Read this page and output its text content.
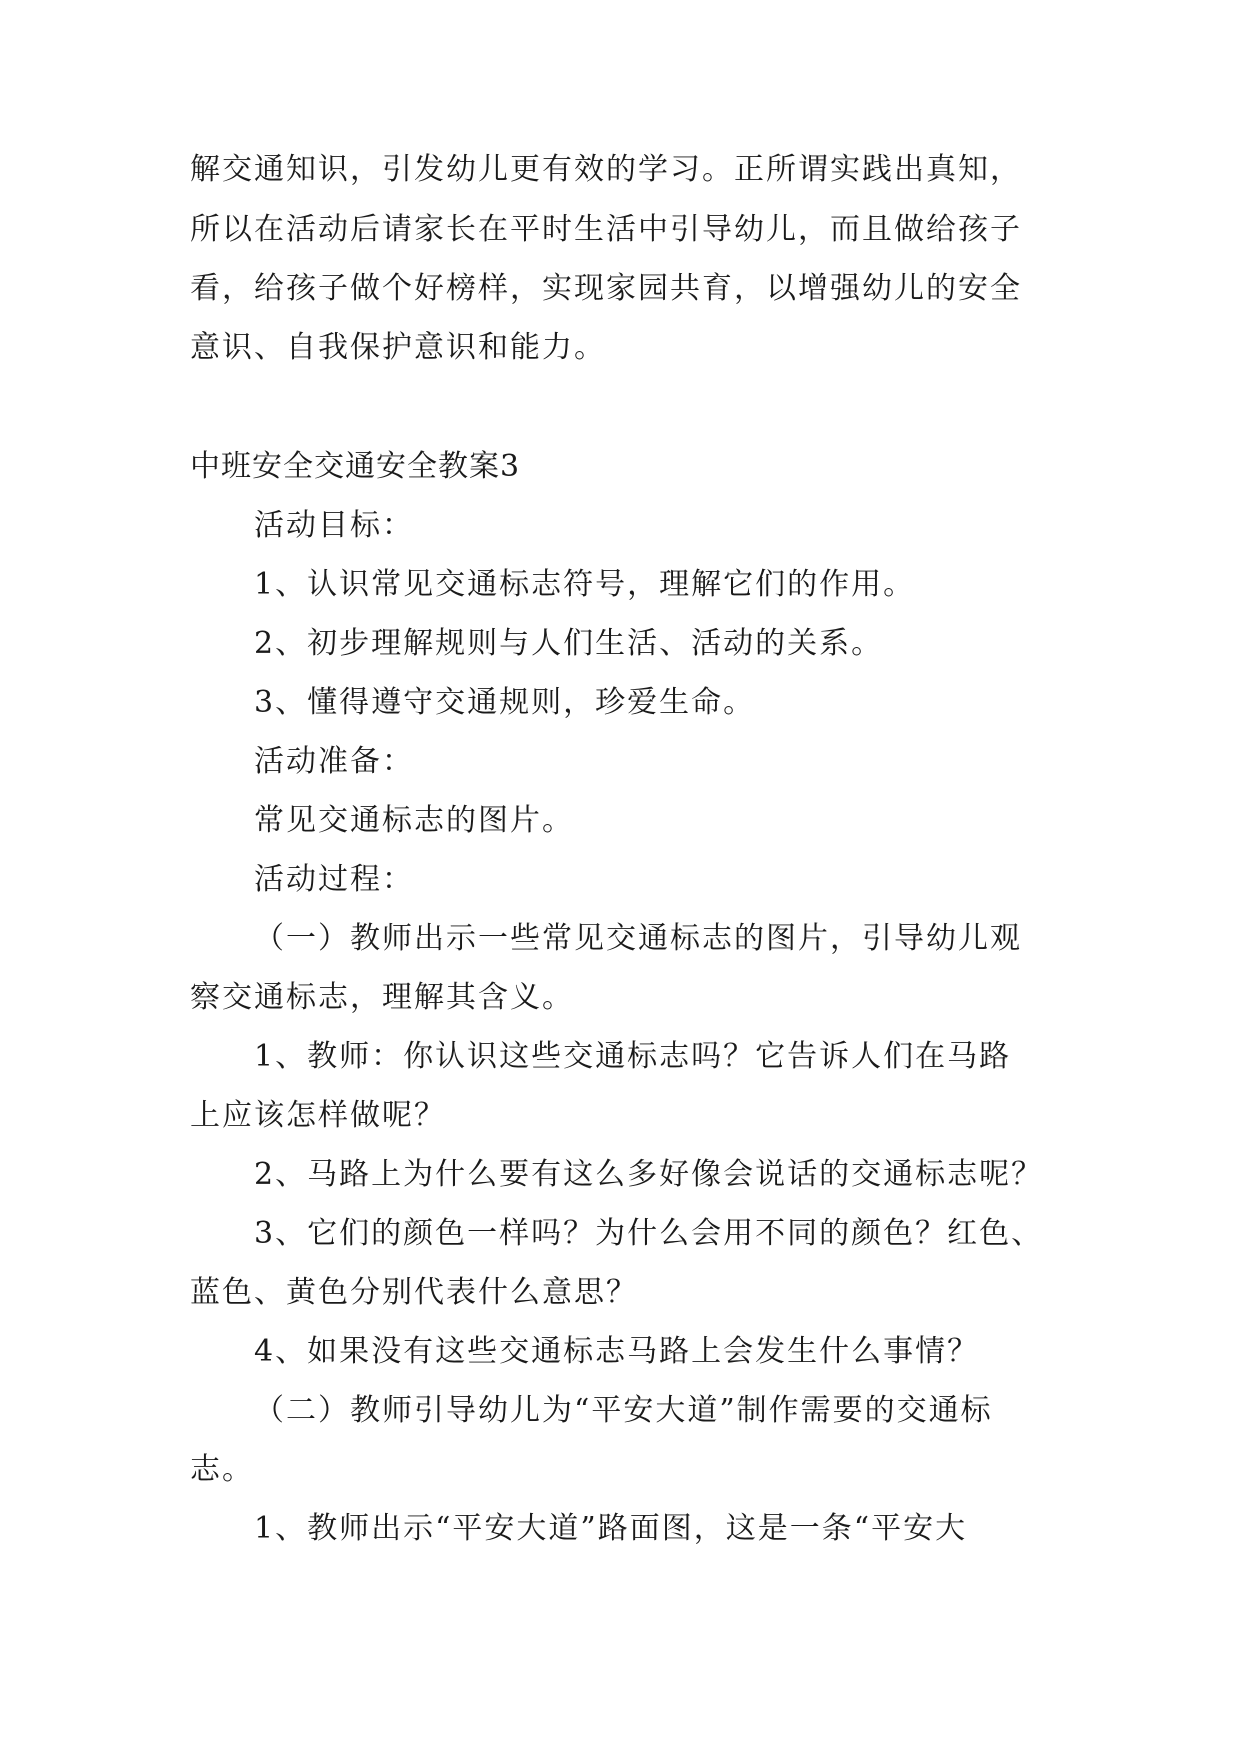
解交通知识，引发幼儿更有效的学习。正所谓实践出真知，
所以在活动后请家长在平时生活中引导幼儿，而且做给孩子
看，给孩子做个好榜样，实现家园共育，以增强幼儿的安全
意识、自我保护意识和能力。
中班安全交通安全教案3
活动目标：
1、认识常见交通标志符号，理解它们的作用。
2、初步理解规则与人们生活、活动的关系。
3、懂得遵守交通规则，珍爱生命。
活动准备：
常见交通标志的图片。
活动过程：
（一）教师出示一些常见交通标志的图片，引导幼儿观
察交通标志，理解其含义。
1、教师：你认识这些交通标志吗？它告诉人们在马路
上应该怎样做呢？
2、马路上为什么要有这么多好像会说话的交通标志呢？
3、它们的颜色一样吗？为什么会用不同的颜色？红色、
蓝色、黄色分别代表什么意思？
4、如果没有这些交通标志马路上会发生什么事情？
（二）教师引导幼儿为“平安大道”制作需要的交通标
志。
1、教师出示“平安大道”路面图，这是一条“平安大
